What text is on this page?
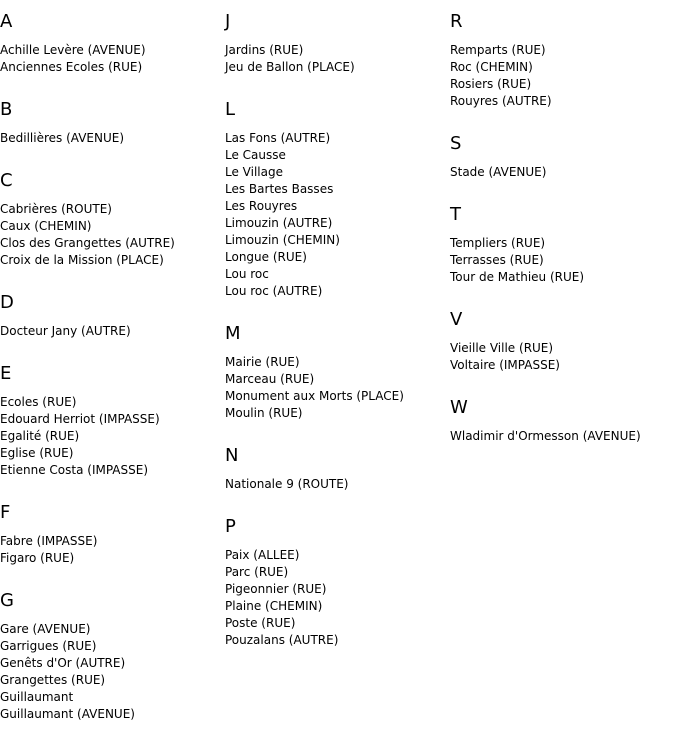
A
Achille Levère (AVENUE)
Anciennes Ecoles (RUE)
B
Bedillières (AVENUE)
C
Cabrières (ROUTE)
Caux (CHEMIN)
Clos des Grangettes (AUTRE)
Croix de la Mission (PLACE)
D
Docteur Jany (AUTRE)
E
Ecoles (RUE)
Edouard Herriot (IMPASSE)
Egalité (RUE)
Eglise (RUE)
Etienne Costa (IMPASSE)
F
Fabre (IMPASSE)
Figaro (RUE)
G
Gare (AVENUE)
Garrigues (RUE)
Genêts d'Or (AUTRE)
Grangettes (RUE)
Guillaumant
Guillaumant (AVENUE)
J
Jardins (RUE)
Jeu de Ballon (PLACE)
L
Las Fons (AUTRE)
Le Causse
Le Village
Les Bartes Basses
Les Rouyres
Limouzin (AUTRE)
Limouzin (CHEMIN)
Longue (RUE)
Lou roc
Lou roc (AUTRE)
M
Mairie (RUE)
Marceau (RUE)
Monument aux Morts (PLACE)
Moulin (RUE)
N
Nationale 9 (ROUTE)
P
Paix (ALLEE)
Parc (RUE)
Pigeonnier (RUE)
Plaine (CHEMIN)
Poste (RUE)
Pouzalans (AUTRE)
R
Remparts (RUE)
Roc (CHEMIN)
Rosiers (RUE)
Rouyres (AUTRE)
S
Stade (AVENUE)
T
Templiers (RUE)
Terrasses (RUE)
Tour de Mathieu (RUE)
V
Vieille Ville (RUE)
Voltaire (IMPASSE)
W
Wladimir d'Ormesson (AVENUE)
